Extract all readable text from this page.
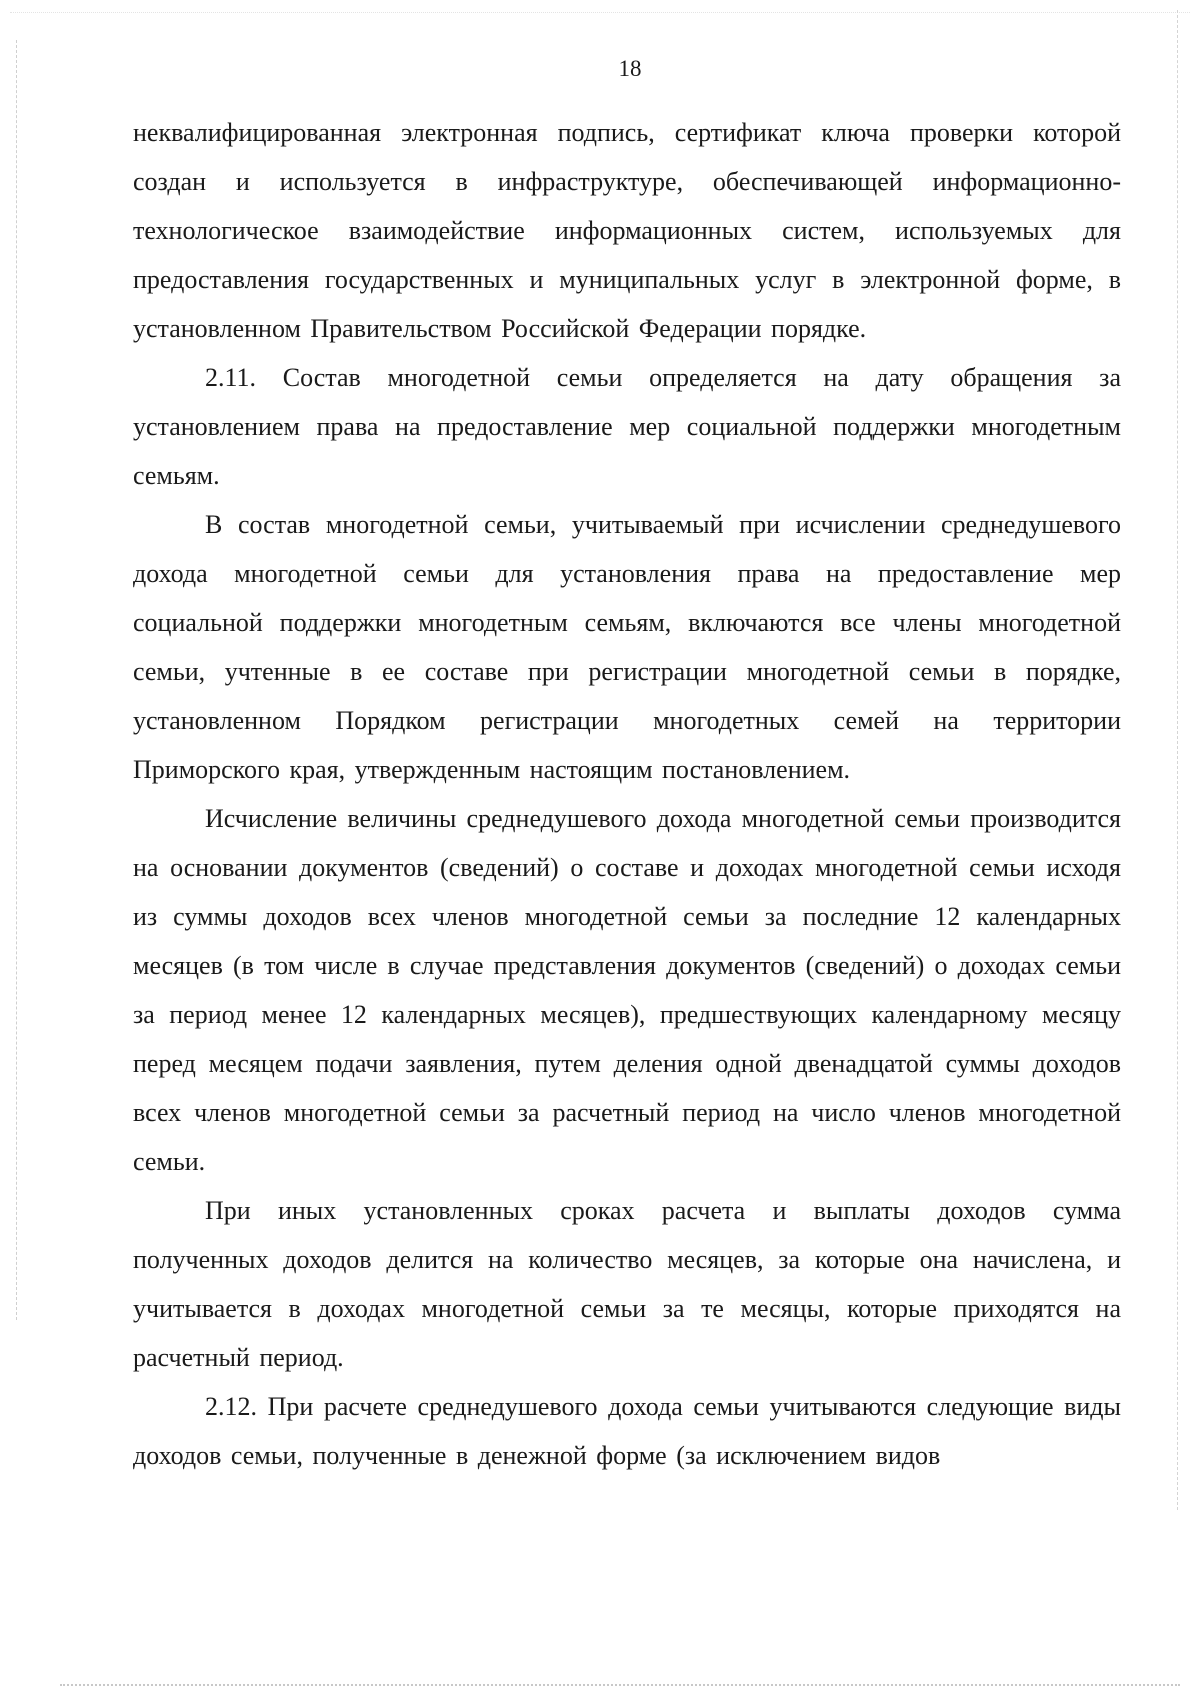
18

неквалифицированная электронная подпись, сертификат ключа проверки которой создан и используется в инфраструктуре, обеспечивающей информационно-технологическое взаимодействие информационных систем, используемых для предоставления государственных и муниципальных услуг в электронной форме, в установленном Правительством Российской Федерации порядке.

2.11. Состав многодетной семьи определяется на дату обращения за установлением права на предоставление мер социальной поддержки многодетным семьям.

В состав многодетной семьи, учитываемый при исчислении среднедушевого дохода многодетной семьи для установления права на предоставление мер социальной поддержки многодетным семьям, включаются все члены многодетной семьи, учтенные в ее составе при регистрации многодетной семьи в порядке, установленном Порядком регистрации многодетных семей на территории Приморского края, утвержденным настоящим постановлением.

Исчисление величины среднедушевого дохода многодетной семьи производится на основании документов (сведений) о составе и доходах многодетной семьи исходя из суммы доходов всех членов многодетной семьи за последние 12 календарных месяцев (в том числе в случае представления документов (сведений) о доходах семьи за период менее 12 календарных месяцев), предшествующих календарному месяцу перед месяцем подачи заявления, путем деления одной двенадцатой суммы доходов всех членов многодетной семьи за расчетный период на число членов многодетной семьи.

При иных установленных сроках расчета и выплаты доходов сумма полученных доходов делится на количество месяцев, за которые она начислена, и учитывается в доходах многодетной семьи за те месяцы, которые приходятся на расчетный период.

2.12. При расчете среднедушевого дохода семьи учитываются следующие виды доходов семьи, полученные в денежной форме (за исключением видов
